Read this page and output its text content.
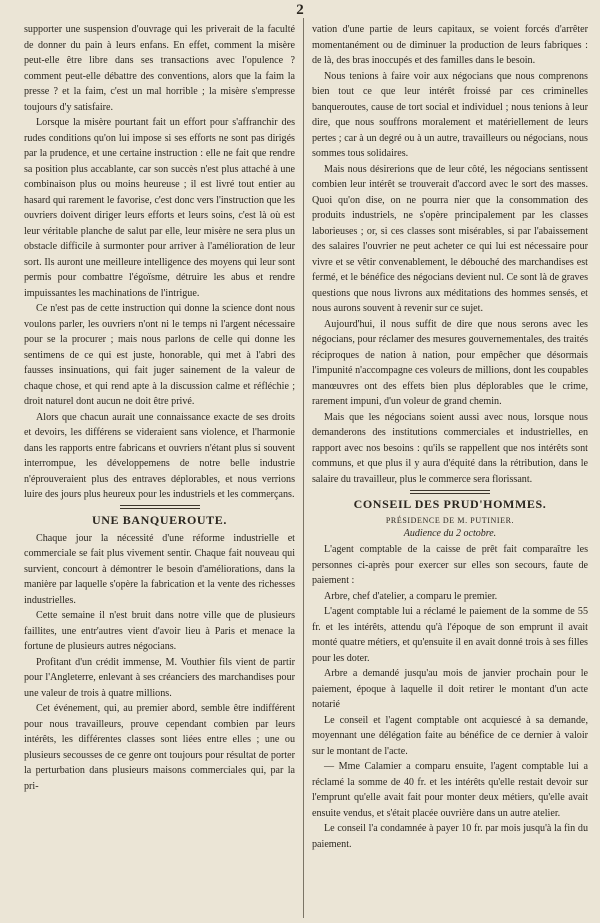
2

supporter une suspension d'ouvrage qui les priverait de la faculté de donner du pain à leurs enfans. En effet, comment la misère peut-elle être libre dans ses transactions avec l'opulence ? comment peut-elle débattre des conventions, alors que la faim la presse ? et la faim, c'est un mal horrible ; la misère s'empresse toujours d'y satisfaire.

Lorsque la misère pourtant fait un effort pour s'affranchir des rudes conditions qu'on lui impose si ses efforts ne sont pas dirigés par la prudence, et une certaine instruction : elle ne fait que rendre sa position plus accablante, car son succès n'est plus attaché à une combinaison plus ou moins heureuse ; il est livré tout entier au hasard qui rarement le favorise, c'est donc vers l'instruction que les ouvriers doivent diriger leurs efforts et leurs soins, c'est là où est leur véritable planche de salut par elle, leur misère ne sera plus un obstacle difficile à surmonter pour arriver à l'amélioration de leur sort. Ils auront une meilleure intelligence des moyens qui leur sont permis pour combattre l'égoïsme, détruire les abus et rendre impuissantes les machinations de l'intrigue.

Ce n'est pas de cette instruction qui donne la science dont nous voulons parler, les ouvriers n'ont ni le temps ni l'argent nécessaire pour se la procurer ; mais nous parlons de celle qui donne les sentimens de ce qui est juste, honorable, qui met à l'abri des fausses insinuations, qui fait juger sainement de la valeur de chaque chose, et qui rend apte à la discussion calme et réfléchie ; droit naturel dont aucun ne doit être privé.

Alors que chacun aurait une connaissance exacte de ses droits et devoirs, les différens se videraient sans violence, et l'harmonie dans les rapports entre fabricans et ouvriers n'étant plus si souvent interrompue, les développemens de notre belle industrie n'éprouveraient plus des entraves déplorables, et nous verrions luire des jours plus heureux pour les industriels et les commerçans.

UNE BANQUEROUTE.

Chaque jour la nécessité d'une réforme industrielle et commerciale se fait plus vivement sentir. Chaque fait nouveau qui survient, concourt à démontrer le besoin d'améliorations, dans la manière par laquelle s'opère la fabrication et la vente des richesses industrielles.

Cette semaine il n'est bruit dans notre ville que de plusieurs faillites, une entr'autres vient d'avoir lieu à Paris et menace la fortune de plusieurs autres négocians.

Profitant d'un crédit immense, M. Vouthier fils vient de partir pour l'Angleterre, enlevant à ses créanciers des marchandises pour une valeur de trois à quatre millions.

Cet événement, qui, au premier abord, semble être indifférent pour nous travailleurs, prouve cependant combien par leurs intérêts, les différentes classes sont liées entre elles ; une ou plusieurs secousses de ce genre ont toujours pour résultat de porter la perturbation dans plusieurs maisons commerciales qui, par la pri-

vation d'une partie de leurs capitaux, se voient forcés d'arrêter momentanément ou de diminuer la production de leurs fabriques : de là, des bras inoccupés et des familles dans le besoin.

Nous tenions à faire voir aux négocians que nous comprenons bien tout ce que leur intérêt froissé par ces criminelles banqueroutes, cause de tort social et individuel ; nous tenions à leur dire, que nous souffrons moralement et matériellement de leurs pertes ; car à un degré ou à un autre, travailleurs ou négocians, nous sommes tous solidaires.

Mais nous désirerions que de leur côté, les négocians sentissent combien leur intérêt se trouverait d'accord avec le sort des masses. Quoi qu'on dise, on ne pourra nier que la consommation des produits industriels, ne s'opère principalement par les classes laborieuses ; or, si ces classes sont misérables, si par l'abaissement des salaires l'ouvrier ne peut acheter ce qui lui est nécessaire pour vivre et se vêtir convenablement, le débouché des marchandises est fermé, et le bénéfice des négocians devient nul. Ce sont là de graves questions que nous livrons aux méditations des hommes sensés, et nous aurons souvent à revenir sur ce sujet.

Aujourd'hui, il nous suffit de dire que nous serons avec les négocians, pour réclamer des mesures gouvernementales, des traités réciproques de nation à nation, pour empêcher que désormais l'impunité n'accompagne ces voleurs de millions, dont les coupables manœuvres ont des effets bien plus déplorables que le crime, rarement impuni, d'un voleur de grand chemin.

Mais que les négocians soient aussi avec nous, lorsque nous demanderons des institutions commerciales et industrielles, en rapport avec nos besoins : qu'ils se rappellent que nos intérêts sont communs, et que plus il y aura d'équité dans la rétribution, dans le salaire du travailleur, plus le commerce sera florissant.

CONSEIL DES PRUD'HOMMES.
PRÉSIDENCE DE M. PUTINIER.
Audience du 2 octobre.

L'agent comptable de la caisse de prêt fait comparaître les personnes ci-après pour exercer sur elles son secours, faute de paiement :

Arbre, chef d'atelier, a comparu le premier.

L'agent comptable lui a réclamé le paiement de la somme de 55 fr. et les intérêts, attendu qu'à l'époque de son emprunt il avait monté quatre métiers, et qu'ensuite il en avait donné trois à ses filles pour les doter.

Arbre a demandé jusqu'au mois de janvier prochain pour le paiement, époque à laquelle il doit retirer le montant d'un acte notarié

Le conseil et l'agent comptable ont acquiescé à sa demande, moyennant une délégation faite au bénéfice de ce dernier à valoir sur le montant de l'acte.

— Mme Calamier a comparu ensuite, l'agent comptable lui a réclamé la somme de 40 fr. et les intérêts qu'elle restait devoir sur l'emprunt qu'elle avait fait pour monter deux métiers, qu'elle avait ensuite vendus, et s'était placée ouvrière dans un autre atelier.

Le conseil l'a condamnée à payer 10 fr. par mois jusqu'à la fin du paiement.
